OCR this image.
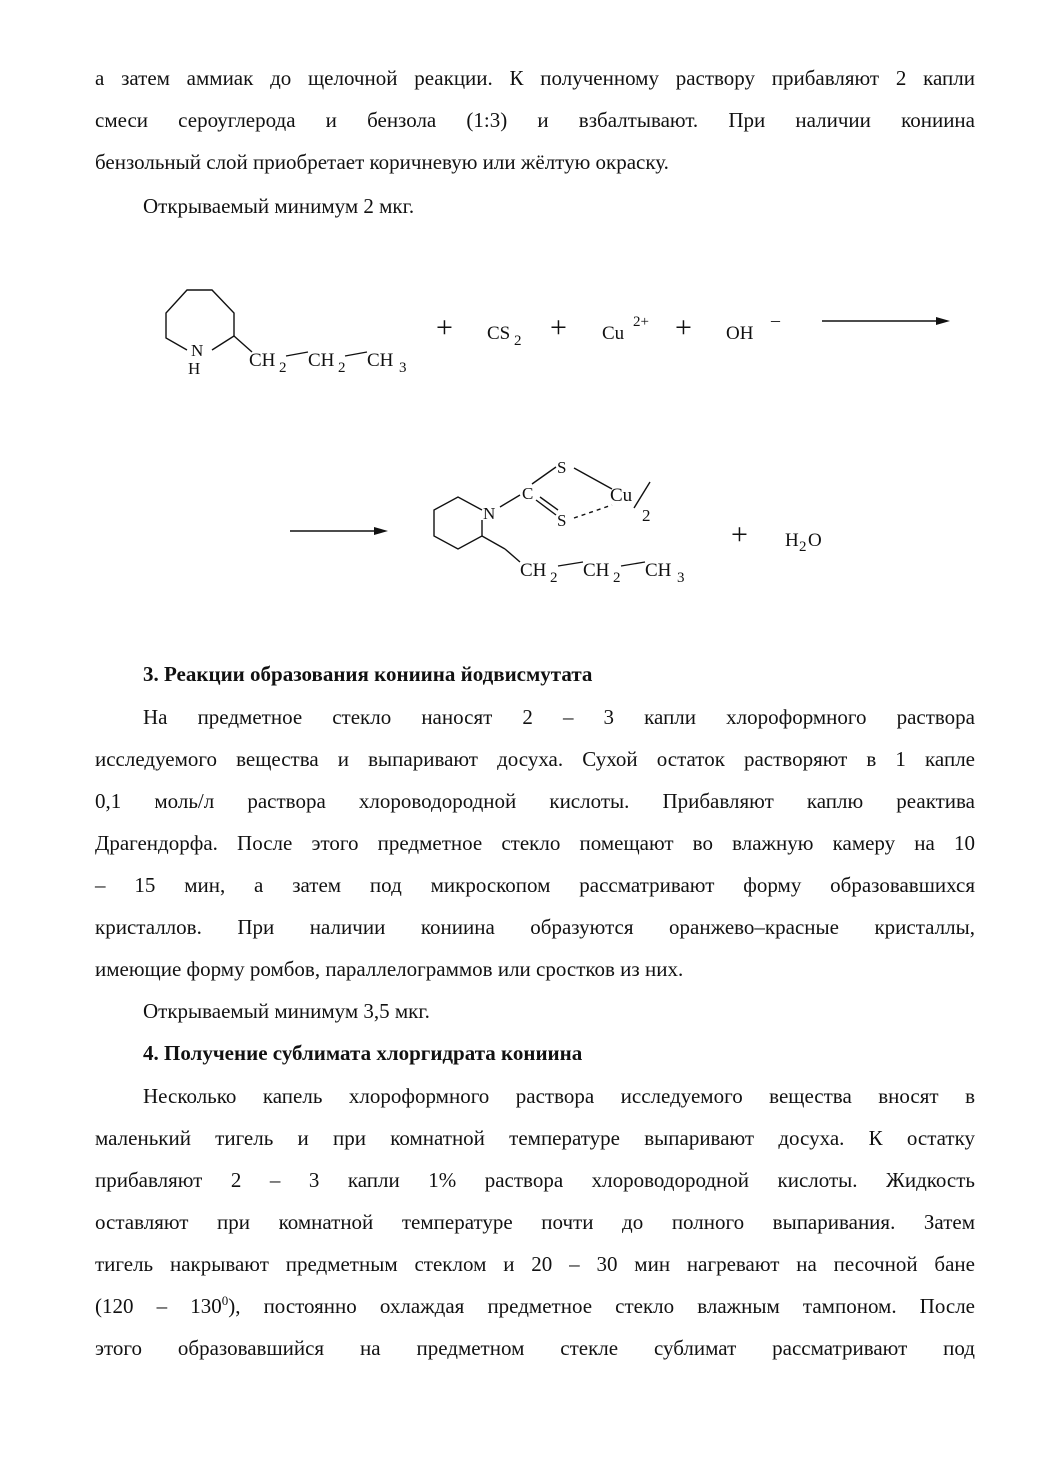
а затем аммиак до щелочной реакции. К полученному раствору прибавляют 2 капли
смеси сероуглерода и бензола (1:3) и взбалтывают. При наличии кониина
бензольный слой приобретает коричневую или жёлтую окраску.
Открываемый минимум 2 мкг.
N
H	CH 2 CH 2 CH 3
+ CS 2 + Cu
2+ + OH
–
N
C
S
S
Cu
2
CH 2 CH 2 CH 3
+ H 2 O
3. Реакции образования кониина йодвисмутата
На предметное стекло наносят 2 – 3 капли хлороформного раствора
исследуемого вещества и выпаривают досуха. Сухой остаток растворяют в 1 капле
0,1 моль/л раствора хлороводородной кислоты. Прибавляют каплю реактива
Драгендорфа. После этого предметное стекло помещают во влажную камеру на 10
– 15 мин, а затем под микроскопом рассматривают форму образовавшихся
кристаллов. При наличии кониина образуются оранжево–красные кристаллы,
имеющие форму ромбов, параллелограммов или сростков из них.
Открываемый минимум 3,5 мкг.
4. Получение сублимата хлоргидрата кониина
Несколько капель хлороформного раствора исследуемого вещества вносят в
маленький тигель и при комнатной температуре выпаривают досуха. К остатку
прибавляют 2 – 3 капли 1% раствора хлороводородной кислоты. Жидкость
оставляют при комнатной температуре почти до полного выпаривания. Затем
тигель накрывают предметным стеклом и 20 – 30 мин нагревают на песочной бане
$(120 - 130^0)$, постоянно охлаждая предметное стекло влажным тампоном. После
этого образовавшийся на предметном стекле сублимат рассматривают под
